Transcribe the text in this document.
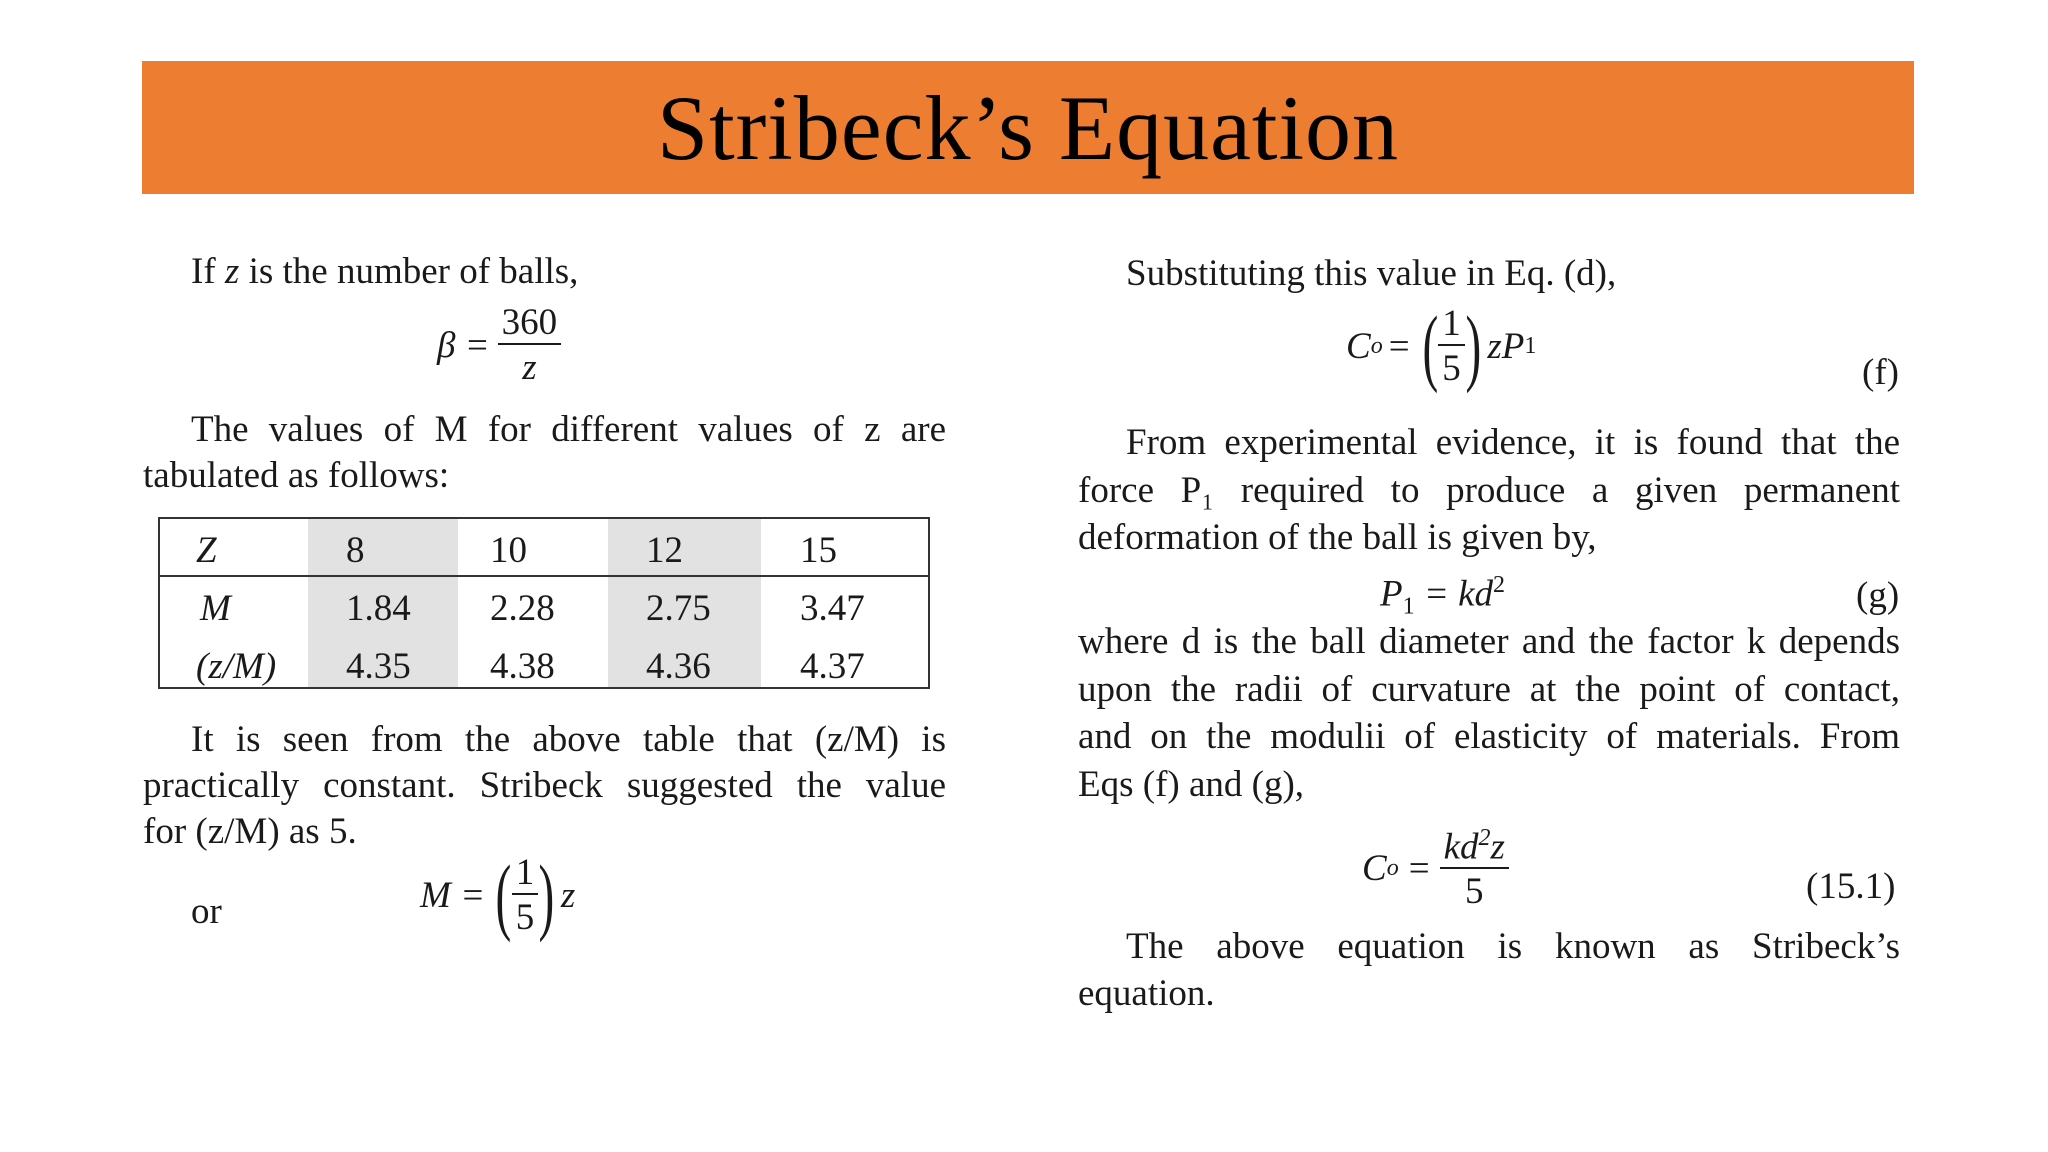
Stribeck’s Equation
If z is the number of balls,
$\beta = \frac{360}{z}$
The values of M for different values of z are
tabulated as follows:
Z	8	10	12	15
M	1.84 2.28 2.75 3.47
(z/M) 4.35 4.38 4.36 4.37
It is seen from the above table that (z/M) is
practically constant. Stribeck suggested the value
for (z/M) as 5.
or	M = ( $\frac{1}{5}$ ) z
Substituting this value in Eq. (d),
C o = ( $\frac{1}{5}$ ) zP 1
(f)
From experimental evidence, it is found that the
force P₁ required to produce a given permanent
deformation of the ball is given by,
$P_1 = kd^2$	(g)
where d is the ball diameter and the factor k depends
upon the radii of curvature at the point of contact,
and on the modulii of elasticity of materials. From
Eqs (f) and (g),
C $o = \frac{kd^2z}{5}$	(15.1)
The above equation is known as Stribeck’s
equation.
